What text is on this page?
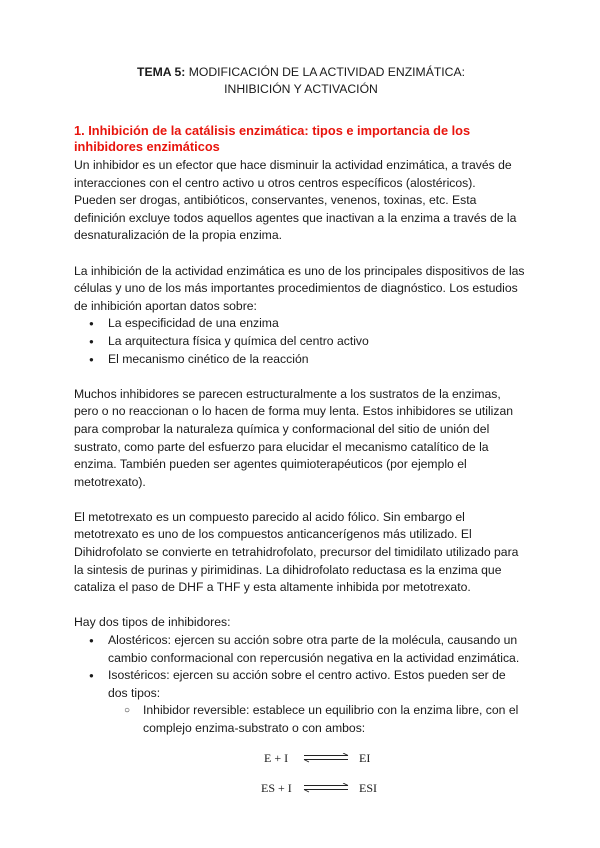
TEMA 5: MODIFICACIÓN DE LA ACTIVIDAD ENZIMÁTICA:
INHIBICIÓN Y ACTIVACIÓN
1. Inhibición de la catálisis enzimática: tipos e importancia de los inhibidores enzimáticos

Un inhibidor es un efector que hace disminuir la actividad enzimática, a través de interacciones con el centro activo u otros centros específicos (alostéricos).

Pueden ser drogas, antibióticos, conservantes, venenos, toxinas, etc. Esta definición excluye todos aquellos agentes que inactivan a la enzima a través de la desnaturalización de la propia enzima.

La inhibición de la actividad enzimática es uno de los principales dispositivos de las células y uno de los más importantes procedimientos de diagnóstico. Los estudios de inhibición aportan datos sobre:

● La especificidad de una enzima
● La arquitectura física y química del centro activo
● El mecanismo cinético de la reacción

Muchos inhibidores se parecen estructuralmente a los sustratos de la enzimas, pero o no reaccionan o lo hacen de forma muy lenta. Estos inhibidores se utilizan para comprobar la naturaleza química y conformacional del sitio de unión del sustrato, como parte del esfuerzo para elucidar el mecanismo catalítico de la enzima. También pueden ser agentes quimioterapéuticos (por ejemplo el metotrexato).

El metotrexato es un compuesto parecido al acido fólico. Sin embargo el metotrexato es uno de los compuestos anticancerígenos más utilizado. El Dihidrofolato se convierte en tetrahidrofolato, precursor del timidilato utilizado para la sintesis de purinas y pirimidinas. La dihidrofolato reductasa es la enzima que cataliza el paso de DHF a THF y esta altamente inhibida por metotrexato.

Hay dos tipos de inhibidores:

● Alostéricos: ejercen su acción sobre otra parte de la molécula, causando un cambio conformacional con repercusión negativa en la actividad enzimática.
● Isostéricos: ejercen su acción sobre el centro activo. Estos pueden ser de dos tipos:
○ Inhibidor reversible: establece un equilibrio con la enzima libre, con el complejo enzima-substrato o con ambos:
E + I	EI
ES + I	ESI
